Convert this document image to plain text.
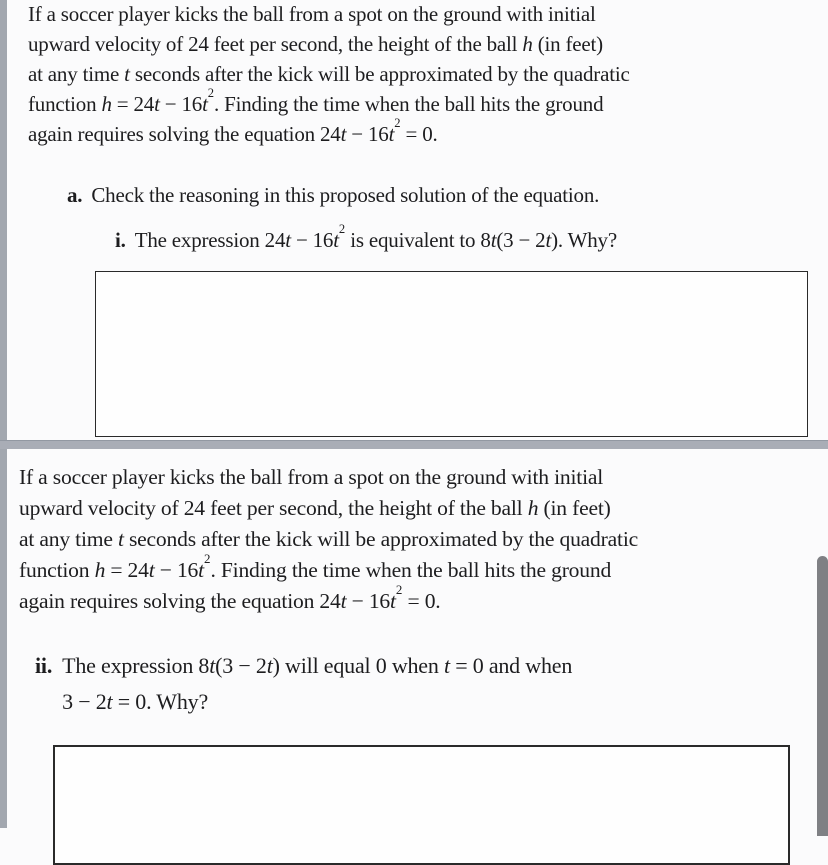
If a soccer player kicks the ball from a spot on the ground with initial
upward velocity of 24 feet per second, the height of the ball h (in feet)
at any time t seconds after the kick will be approximated by the quadratic
function $h = 24t - 16t^2$. Finding the time when the ball hits the ground
again requires solving the equation $24t - 16t^2 = 0$.
a. Check the reasoning in this proposed solution of the equation.
i. The expression $24t - 16t^2$ is equivalent to 8t(3 − 2t). Why?
If a soccer player kicks the ball from a spot on the ground with initial
upward velocity of 24 feet per second, the height of the ball h (in feet)
at any time t seconds after the kick will be approximated by the quadratic
function $h = 24t - 16t^2$. Finding the time when the ball hits the ground
again requires solving the equation $24t - 16t^2 = 0$.
ii. The expression 8t(3 − 2t) will equal 0 when t = 0 and when
3 − 2t = 0. Why?
